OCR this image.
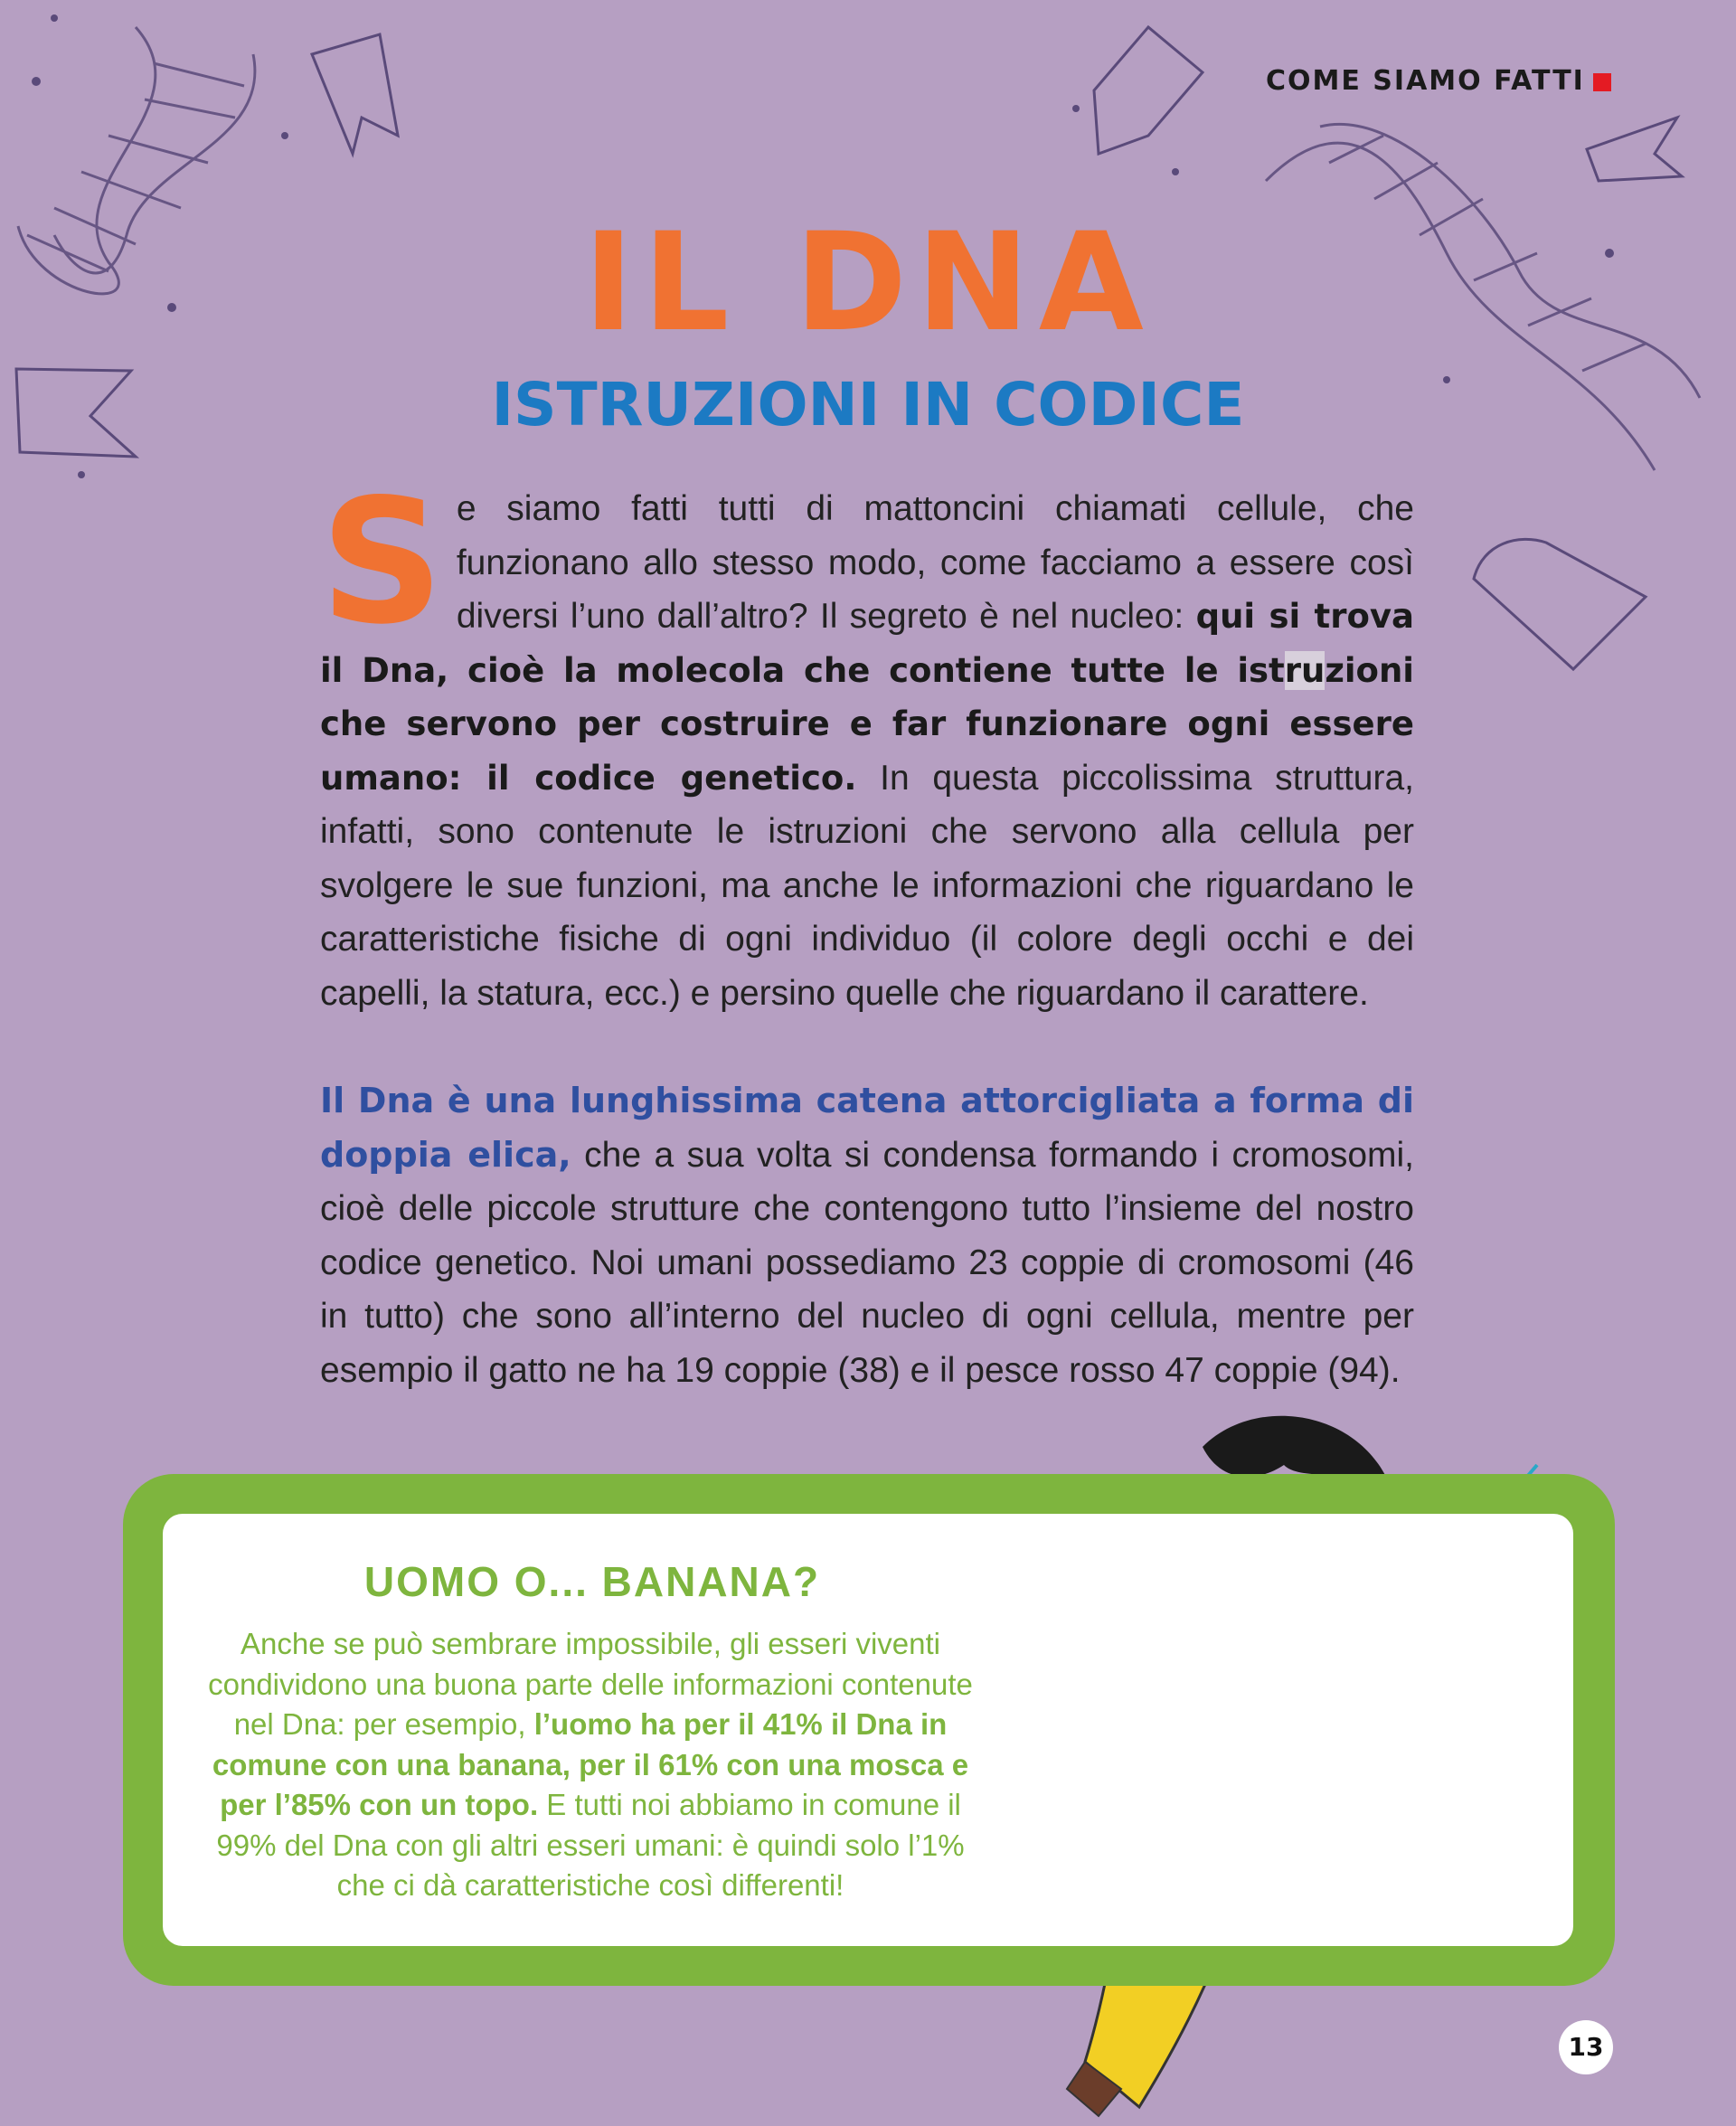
COME SIAMO FATTI
IL DNA
ISTRUZIONI IN CODICE

Se siamo fatti tutti di mattoncini chiamati cellule, che funzionano allo stesso modo, come facciamo a essere così diversi l’uno dall’altro? Il segreto è nel nucleo: qui si trova il Dna, cioè la molecola che contiene tutte le istruzioni che servono per costruire e far funzionare ogni essere umano: il codice genetico. In questa piccolissima struttura, infatti, sono contenute le istruzioni che servono alla cellula per svolgere le sue funzioni, ma anche le informazioni che riguardano le caratteristiche fisiche di ogni individuo (il colore degli occhi e dei capelli, la statura, ecc.) e persino quelle che riguardano il carattere.

Il Dna è una lunghissima catena attorcigliata a forma di doppia elica, che a sua volta si condensa formando i cromosomi, cioè delle piccole strutture che contengono tutto l’insieme del nostro codice genetico. Noi umani possediamo 23 coppie di cromosomi (46 in tutto) che sono all’interno del nucleo di ogni cellula, mentre per esempio il gatto ne ha 19 coppie (38) e il pesce rosso 47 coppie (94).

UOMO O... BANANA?
Anche se può sembrare impossibile, gli esseri viventi condividono una buona parte delle informazioni contenute nel Dna: per esempio, l’uomo ha per il 41% il Dna in comune con una banana, per il 61% con una mosca e per l’85% con un topo. E tutti noi abbiamo in comune il 99% del Dna con gli altri esseri umani: è quindi solo l’1% che ci dà caratteristiche così differenti!
13
